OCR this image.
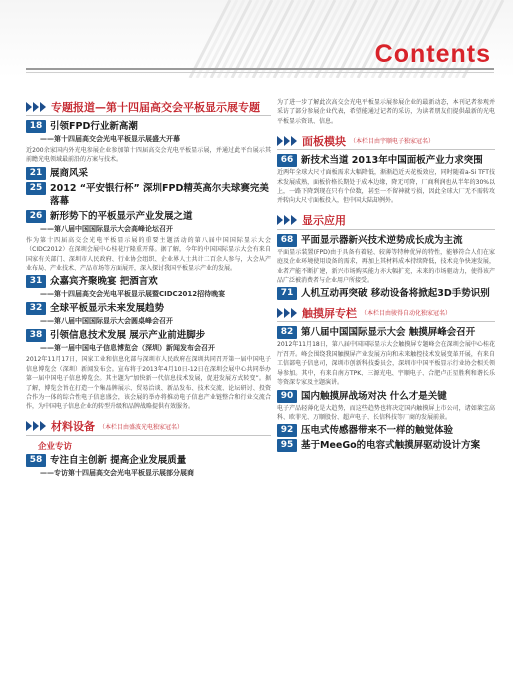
Contents
专题报道—第十四届高交会平板显示展专题
18 引领FPD行业新高潮
——第十四届高交会光电平板显示展盛大开幕
近200余家国内外光电参展企业参加第十四届高交会光电平板显示展，并通过此平台展示其前瞻光电领域最前沿的方案与技术。
21 展商风采
25 2012 “平安银行杯” 深圳FPD精英高尔夫球赛完美落幕
26 新形势下的平板显示产业发展之道
——第八届中国国际显示大会高峰论坛召开
作为第十四届高交会光电平板显示展的重要主题活动的第八届中国国际显示大会（CIDC2012）在深圳会展中心桂花厅隆重开幕。据了解，今年的中国国际显示大会有来自国家有关部门、深圳市人民政府、行业协会组织、企业界人士共计二百余人参与，大会从产业布局、产业技术、产品市场等方面展开，深入探讨我国平板显示产业的发展。
31 众嘉宾齐聚晚宴 把酒言欢
——第十四届高交会光电平板显示展暨CIDC2012招待晚宴
32 全球平板显示未来发展趋势
——第八届中国国际显示大会圆桌峰会召开
38 引领信息技术发展 展示产业前进脚步
——第一届中国电子信息博览会（深圳）新闻发布会召开
2012年11月17日，国家工业和信息化部与深圳市人民政府在深圳共同召开第一届中国电子信息博览会（深圳）新闻发布会。宣布将于2013年4月10日-12日在深圳会展中心共同举办第一届中国电子信息博览会。其主题为“加快新一代信息技术发展，促进发展方式转变”。据了解，博览会旨在打造一个集品牌展示、贸易洽谈、新品发布、技术交流、论坛研讨、投资合作为一体的综合性电子信息盛会，该会展的举办将推动电子信息产业链整合和行业交流合作，为中国电子信息企业的转型升级和品牌战略提供有效服务。
材料设备 （本栏目由盛波光电独家冠名）
企业专访
58 专注自主创新 提高企业发展质量
——专访第十四届高交会光电平板显示展部分展商
为了进一步了解此次高交会光电平板显示展参展企业的最新动态，本刊记者参观并采访了部分参展企业代表，希望能通过记者的采访，为读者朋友们提供最新的光电平板显示资讯、信息。
面板模块 （本栏目由宇顺电子独家冠名）
66 新技术当道 2013年中国面板产业力求突围
近两年全球大尺寸面板需求大幅降低，渐渐趋近天花板效应，同时随着a-Si TFT技术发展成熟，面板价格长期处于成本边缘，降无可降，厂商利润也从半年的30%以上，一路下降到现在只有个位数，甚至一不留神就亏损，因此全球大厂无不需转攻并转向大尺寸面板投入，但中国大陆却例外。
显示应用
68 平面显示器新兴技术逆势成长成为主流
平面显示装置(FPD)由于具备有着轻、较薄等特种优异的特性，能够符合人们在家庭及企业环境使用设备的需求，再加上其材料成本持续降低，技术竞争快速发展，业者产能不断扩建，新兴市场购买能力亦大幅扩充，未来的市场驱动力，使得该产品广泛被消费者与企业用户所接受。
71 人机互动再突破 移动设备将掀起3D手势识别
触摸屏专栏 （本栏目由骏得自动化独家冠名）
82 第八届中国国际显示大会 触摸屏峰会召开
2012年11月18日，第八届中国国际显示大会触摸屏专题峰会在深圳会展中心桂花厅召开。峰会围绕我国触摸屏产业发展方向和未来触控技术发展变革开展，有来自工信部电子信息司，深圳市创新科技委员会，深圳市中国平板显示行业协会相关领导参加。其中，有来自南方TPK、三源光电、宇顺电子、合肥卢正星胜利和谐长乐等资深专家及主题演讲。
90 国内触摸屏战场对决 什么才是关键
电子产品轻薄化是大趋势，而这些趋势也将决定国内触摸屏上市公司，诸如莱宝高科、欧菲光、万顺股份、超声电子、长信科技等厂商的发展前景。
92 压电式传感器带来不一样的触觉体验
95 基于MeeGo的电容式触摸屏驱动设计方案
